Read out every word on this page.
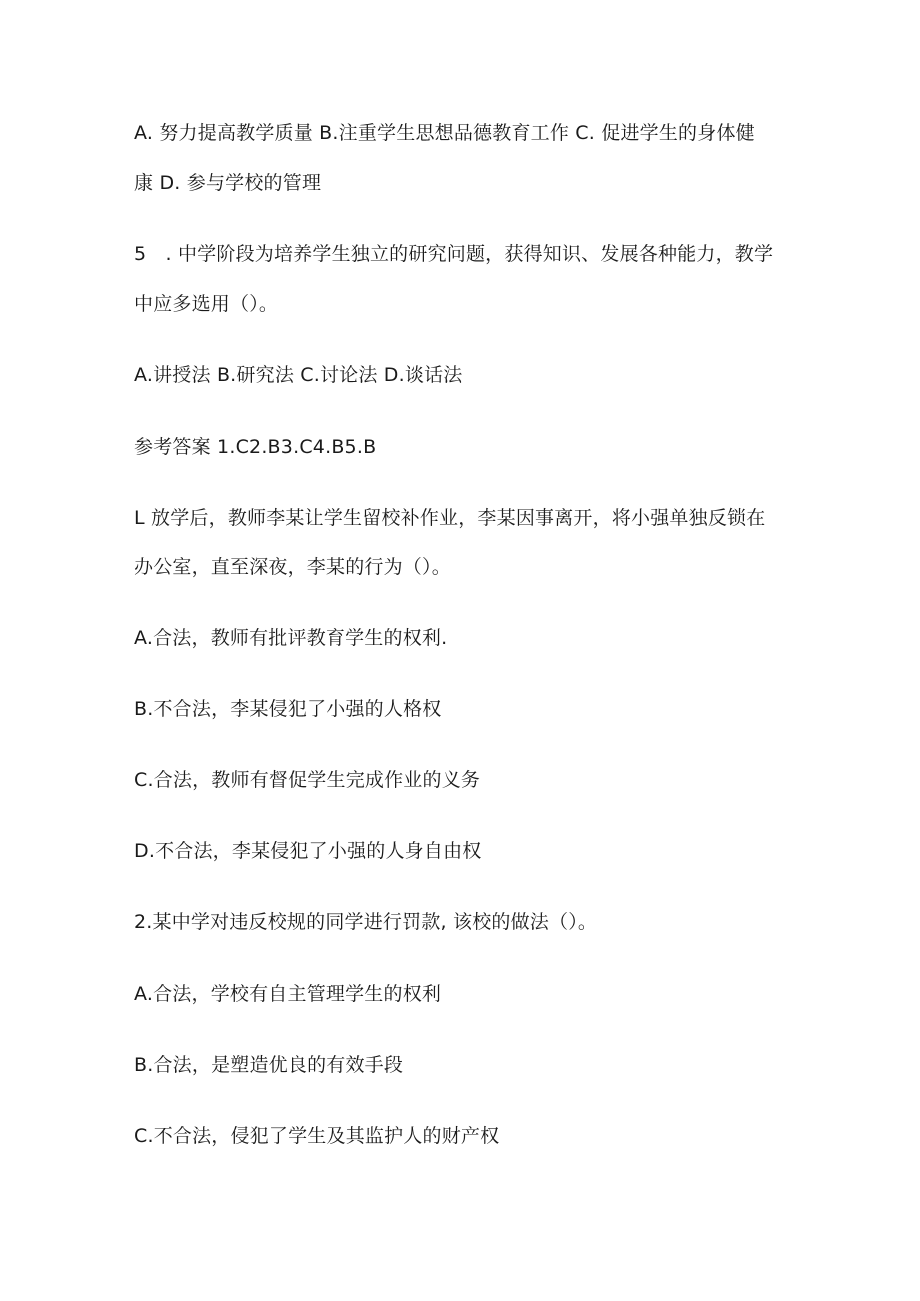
A. 努力提高教学质量 B.注重学生思想品德教育工作 C. 促进学生的身体健
康 D. 参与学校的管理
5　. 中学阶段为培养学生独立的研究问题，获得知识、发展各种能力，教学
中应多选用（）。
A.讲授法 B.研究法 C.讨论法 D.谈话法
参考答案 1.C2.B3.C4.B5.B
L 放学后，教师李某让学生留校补作业，李某因事离开，将小强单独反锁在
办公室，直至深夜，李某的行为（）。
A.合法，教师有批评教育学生的权利.
B.不合法，李某侵犯了小强的人格权
C.合法，教师有督促学生完成作业的义务
D.不合法，李某侵犯了小强的人身自由权
2.某中学对违反校规的同学进行罚款, 该校的做法（）。
A.合法，学校有自主管理学生的权利
B.合法，是塑造优良的有效手段
C.不合法，侵犯了学生及其监护人的财产权
